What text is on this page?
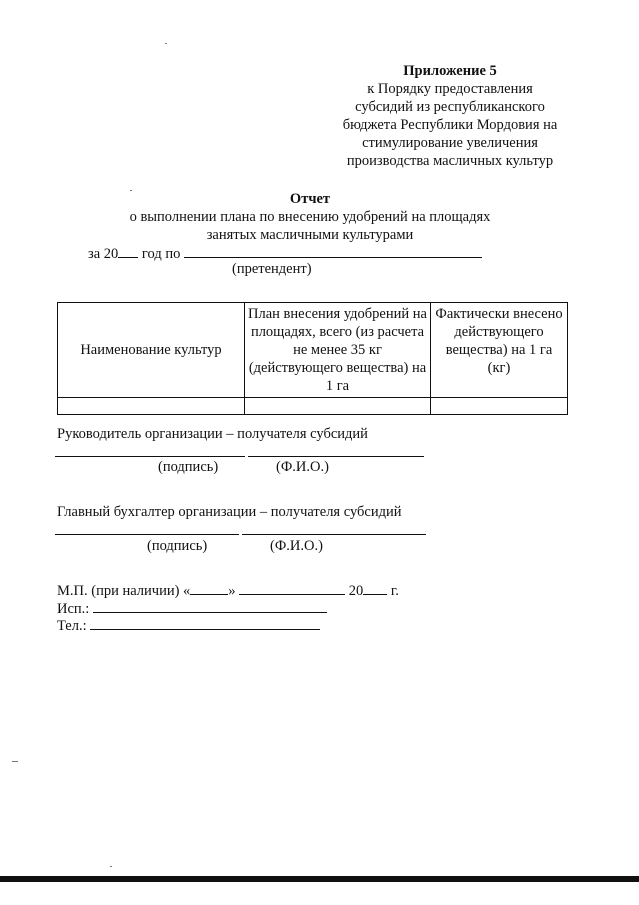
Приложение 5
к Порядку предоставления
субсидий из республиканского
бюджета Республики Мордовия на
стимулирование увеличения
производства масличных культур
Отчет
о выполнении плана по внесению удобрений на площадях
занятых масличными культурами
за 20 год по
(претендент)
Наименование культур	План внесения удобрений на площадях, всего (из расчета не менее 35 кг (действующего вещества) на 1 га	Фактически внесено действующего вещества) на 1 га (кг)

Руководитель организации – получателя субсидий
(подпись)	(Ф.И.О.)
Главный бухгалтер организации – получателя субсидий
(подпись)	(Ф.И.О.)
М.П. (при наличии) «	»	20 г.
Исп.:
Тел.:
